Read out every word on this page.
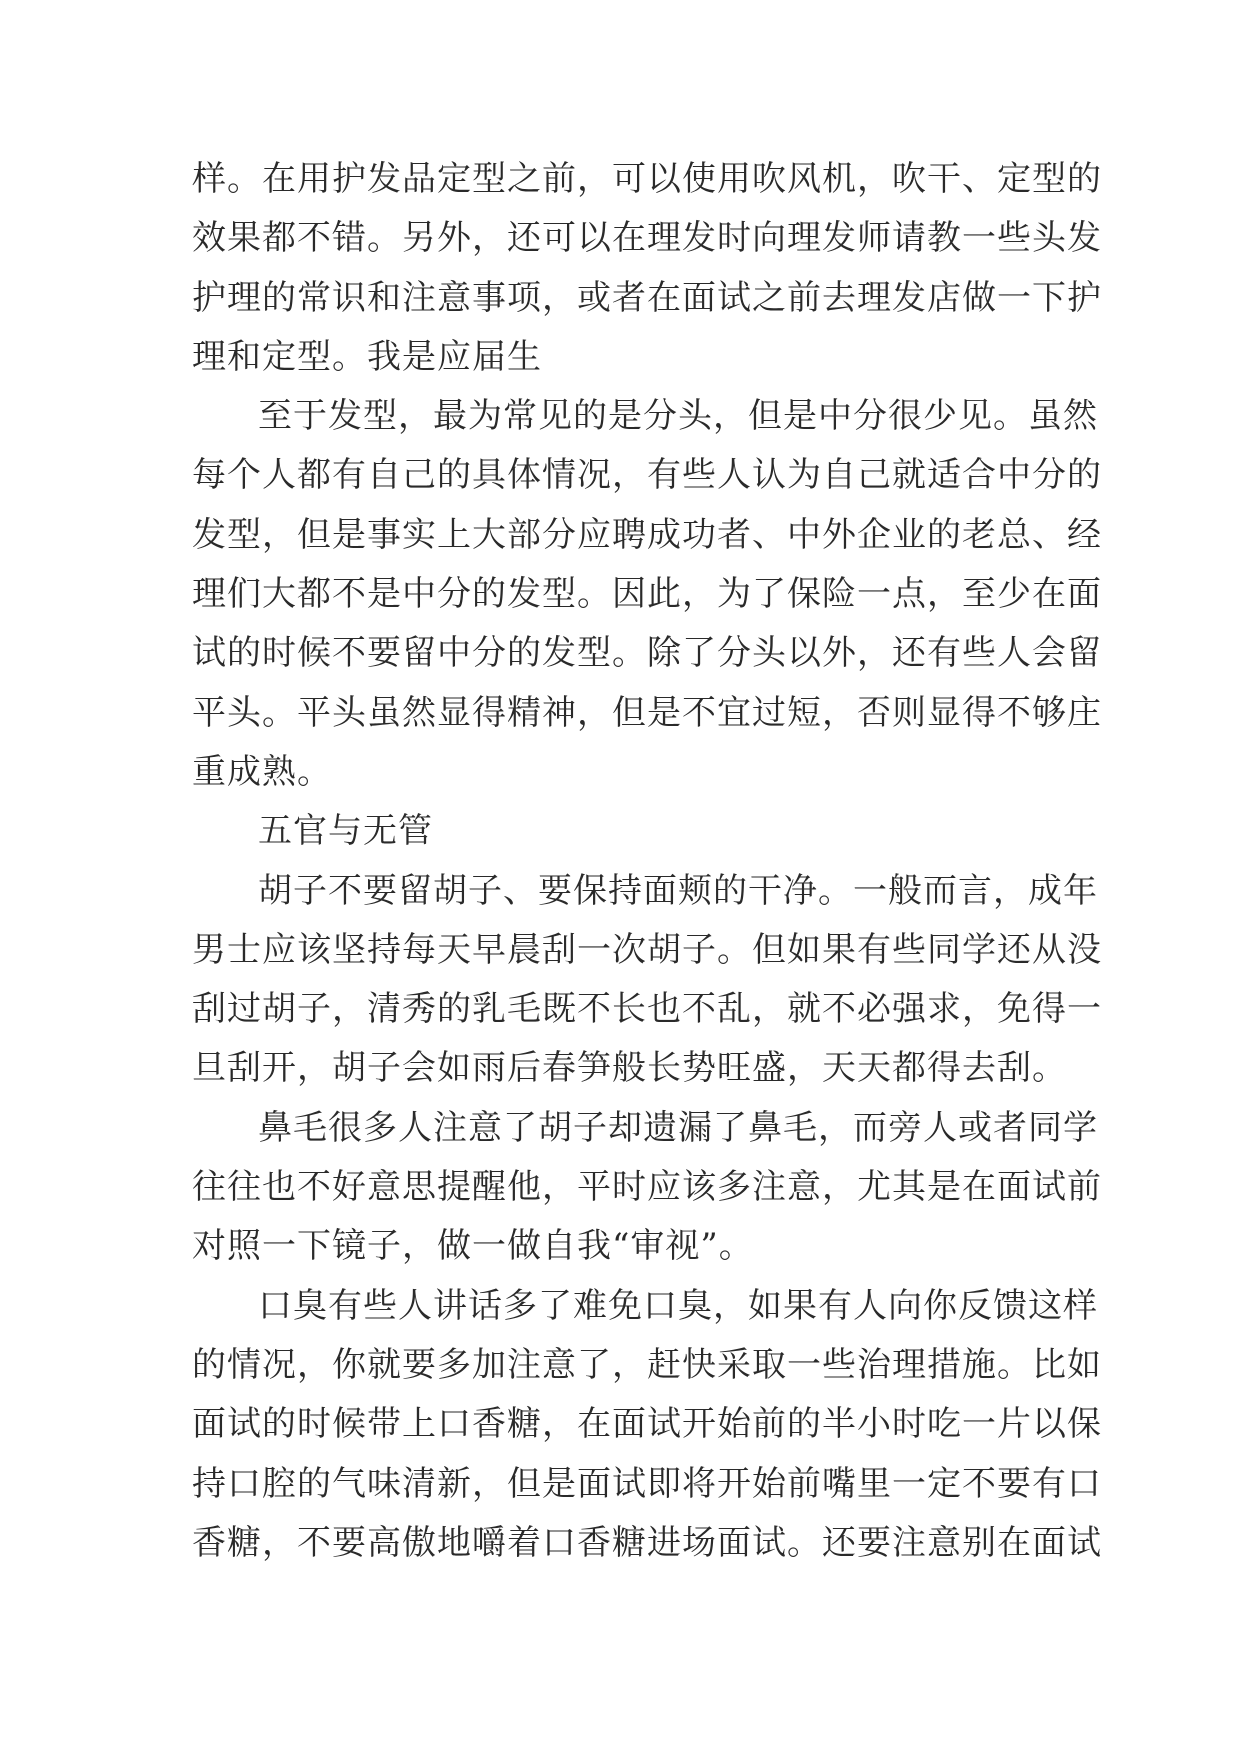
样。在用护发品定型之前，可以使用吹风机，吹干、定型的
效果都不错。另外，还可以在理发时向理发师请教一些头发
护理的常识和注意事项，或者在面试之前去理发店做一下护
理和定型。我是应届生
至于发型，最为常见的是分头，但是中分很少见。虽然
每个人都有自己的具体情况，有些人认为自己就适合中分的
发型，但是事实上大部分应聘成功者、中外企业的老总、经
理们大都不是中分的发型。因此，为了保险一点，至少在面
试的时候不要留中分的发型。除了分头以外，还有些人会留
平头。平头虽然显得精神，但是不宜过短，否则显得不够庄
重成熟。
五官与无管
胡子不要留胡子、要保持面颊的干净。一般而言，成年
男士应该坚持每天早晨刮一次胡子。但如果有些同学还从没
刮过胡子，清秀的乳毛既不长也不乱，就不必强求，免得一
旦刮开，胡子会如雨后春笋般长势旺盛，天天都得去刮。
鼻毛很多人注意了胡子却遗漏了鼻毛，而旁人或者同学
往往也不好意思提醒他，平时应该多注意，尤其是在面试前
对照一下镜子，做一做自我“审视”。
口臭有些人讲话多了难免口臭，如果有人向你反馈这样
的情况，你就要多加注意了，赶快采取一些治理措施。比如
面试的时候带上口香糖，在面试开始前的半小时吃一片以保
持口腔的气味清新，但是面试即将开始前嘴里一定不要有口
香糖，不要高傲地嚼着口香糖进场面试。还要注意别在面试
